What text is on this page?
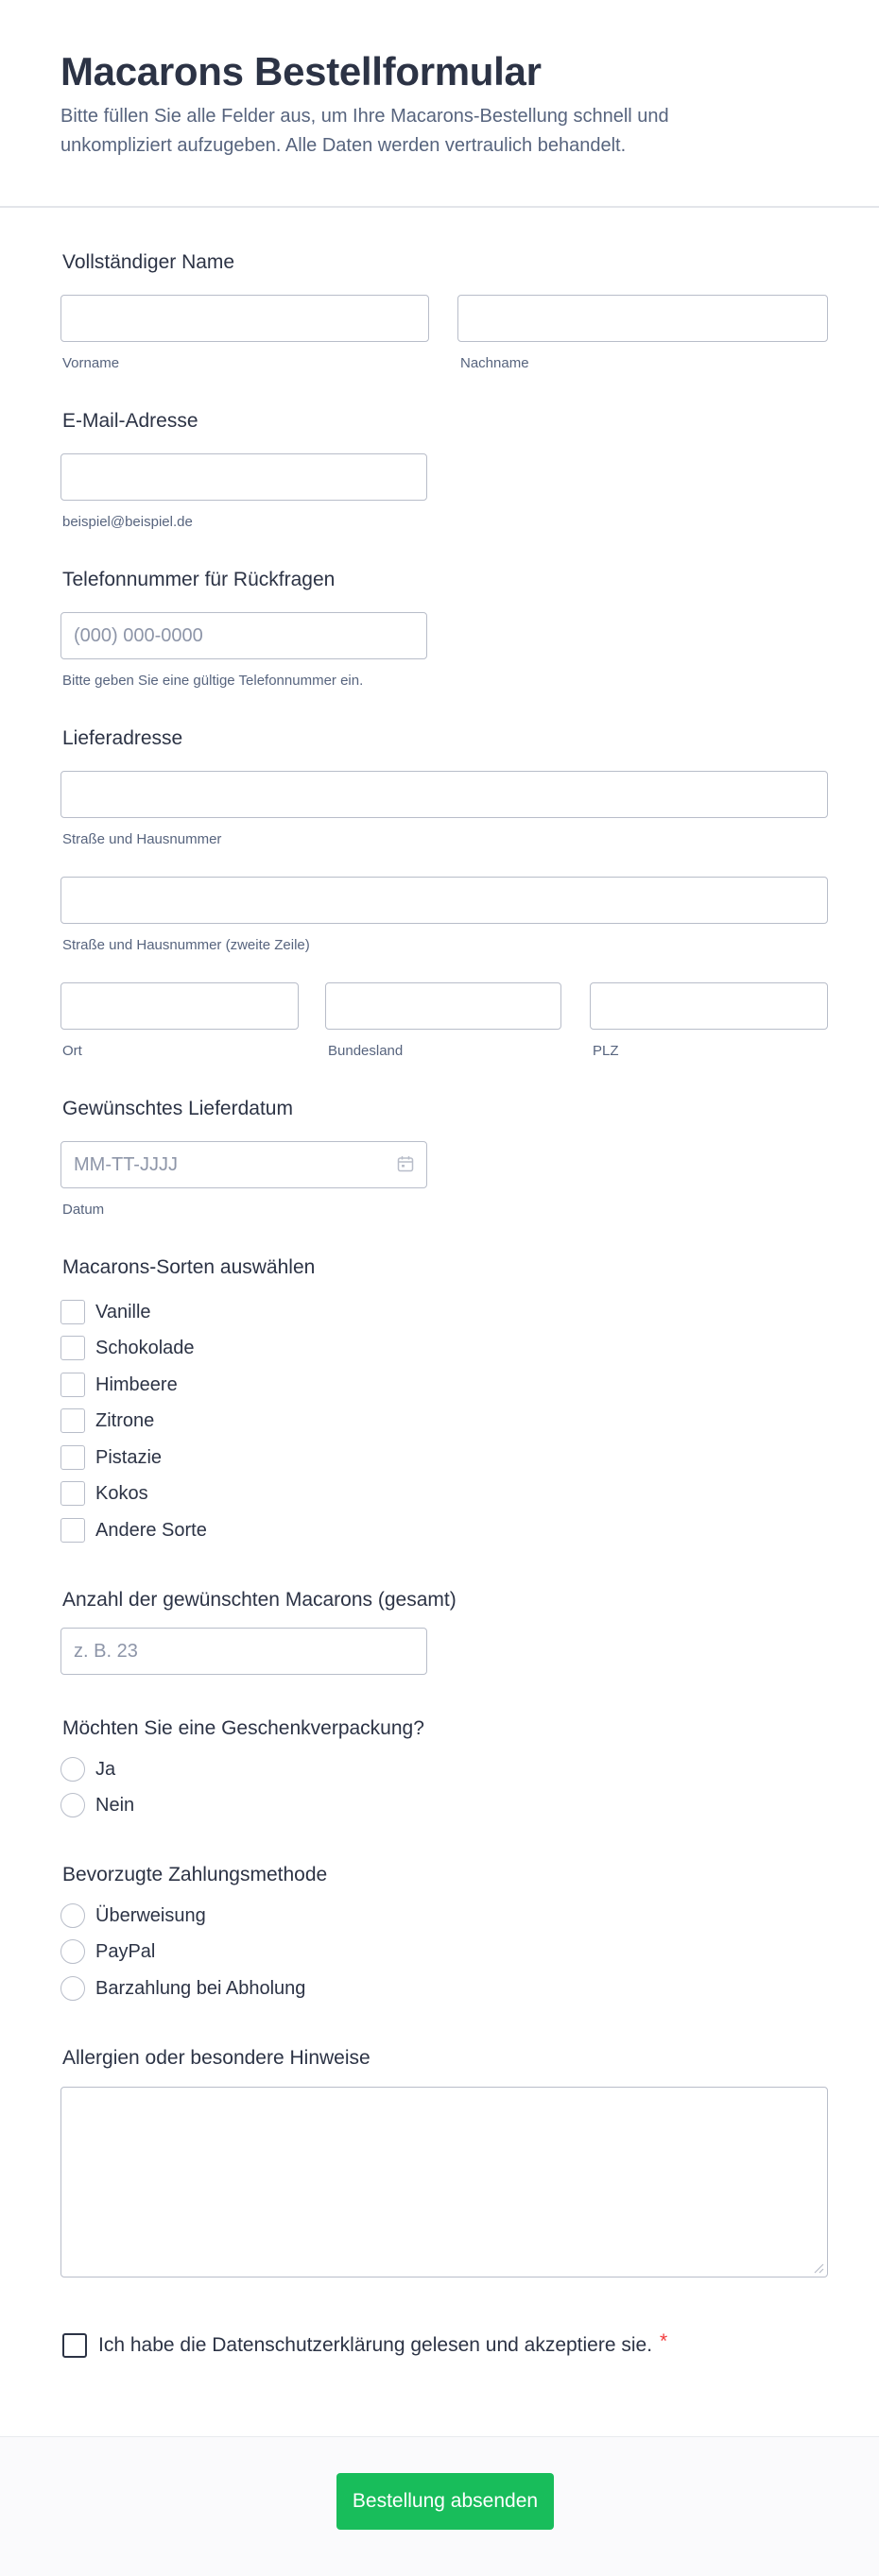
Macarons Bestellformular
Bitte füllen Sie alle Felder aus, um Ihre Macarons-Bestellung schnell und unkompliziert aufzugeben. Alle Daten werden vertraulich behandelt.
Vollständiger Name
Vorname	Nachname
E-Mail-Adresse
beispiel@beispiel.de
Telefonnummer für Rückfragen
(000) 000-0000
Bitte geben Sie eine gültige Telefonnummer ein.
Lieferadresse
Straße und Hausnummer
Straße und Hausnummer (zweite Zeile)
Ort	Bundesland	PLZ
Gewünschtes Lieferdatum
MM-TT-JJJJ
Datum
Macarons-Sorten auswählen
Vanille
Schokolade
Himbeere
Zitrone
Pistazie
Kokos
Andere Sorte
Anzahl der gewünschten Macarons (gesamt)
z. B. 23
Möchten Sie eine Geschenkverpackung?
Ja
Nein
Bevorzugte Zahlungsmethode
Überweisung
PayPal
Barzahlung bei Abholung
Allergien oder besondere Hinweise
Ich habe die Datenschutzerklärung gelesen und akzeptiere sie. *
Bestellung absenden
